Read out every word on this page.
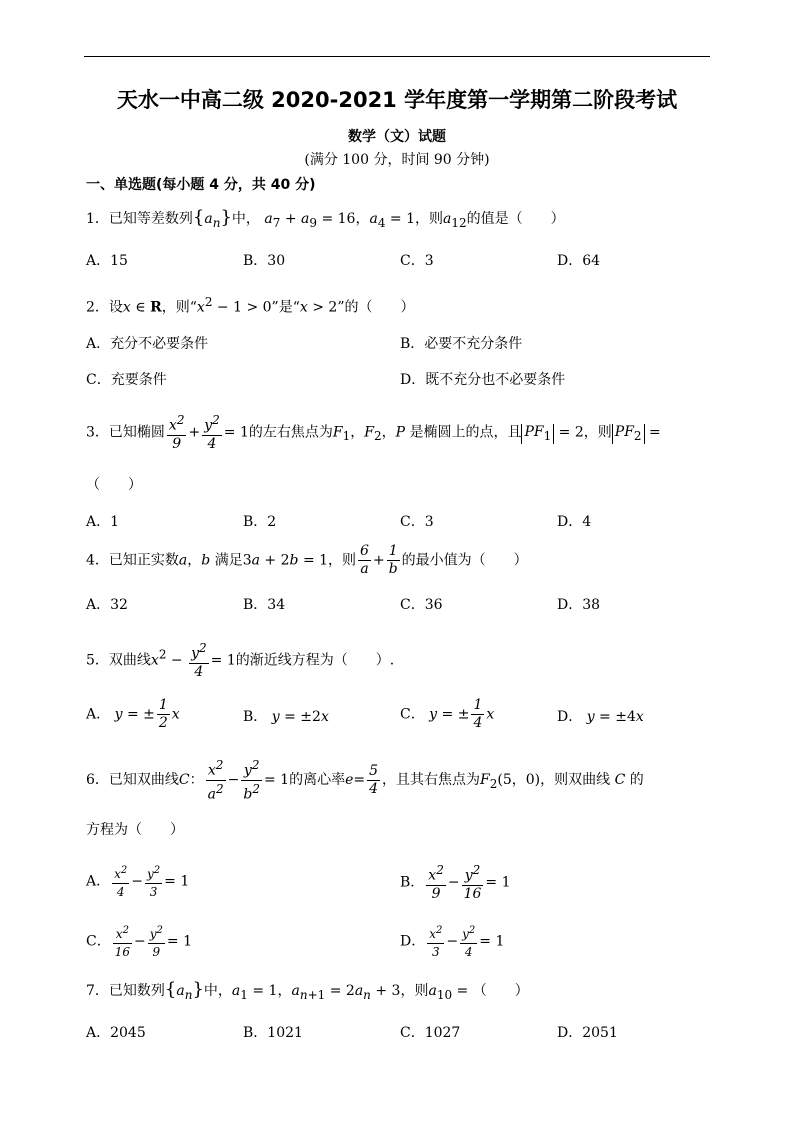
天水一中高二级 2020-2021 学年度第一学期第二阶段考试
数学（文）试题
(满分 100 分，时间 90 分钟)
一、单选题(每小题 4 分，共 40 分)
1．已知等差数列$\{a_n\}$中， $a_7 + a_9 = 16$，$a_4 = 1$，则$a_{12}$的值是（　　）
A．15	B．30	C．3	D．64
2．设x ∈ R，则“$x^2 - 1 > 0$”是“x > 2”的（　　）
A．充分不必要条件	B．必要不充分条件
C．充要条件	D．既不充分也不必要条件
3．已知椭圆 $\frac{x^2}{9} + \frac{y^2}{4} = 1$的左右焦点为$F_1$，$F_2$，P 是椭圆上的点，且 $PF_1 = 2$，则 $PF_2$ =
（　　）
A．1	B．2	C．3	D．4
4．已知正实数a，b 满足3a + 2b = 1，则 $\frac{6}{a} + \frac{1}{b}$ 的最小值为（　　）
A．32	B．34	C．36	D．38
5．双曲线$x^2 - \frac{y^2}{4} = 1$的渐近线方程为（　　）.
A． y = ± $\frac{1}{2}$ x	B． y = ±2x	C． y = ± $\frac{1}{4}$ x	D． y = ±4x
6．已知双曲线C： $\frac{x^2}{a^2} - \frac{y^2}{b^2} = 1$的离心率$e= \frac{5}{4}$ ，且其右焦点为$F_2(5$，0)，则双曲线 C 的
方程为（　　）
A． $\frac{x^2}{4} - \frac{y^2}{3} = 1$	B． $\frac{x^2}{9} - \frac{y^2}{16} = 1$
C． $\frac{x^2}{16} - \frac{y^2}{9} = 1$	D． $\frac{x^2}{3} - \frac{y^2}{4} = 1$
7．已知数列$\{a_n\}$中，$a_1 = 1$，$a_{n+1} = 2a_n + 3$，则$a_{10}$ = （　　）
A．2045	B．1021	C．1027	D．2051
